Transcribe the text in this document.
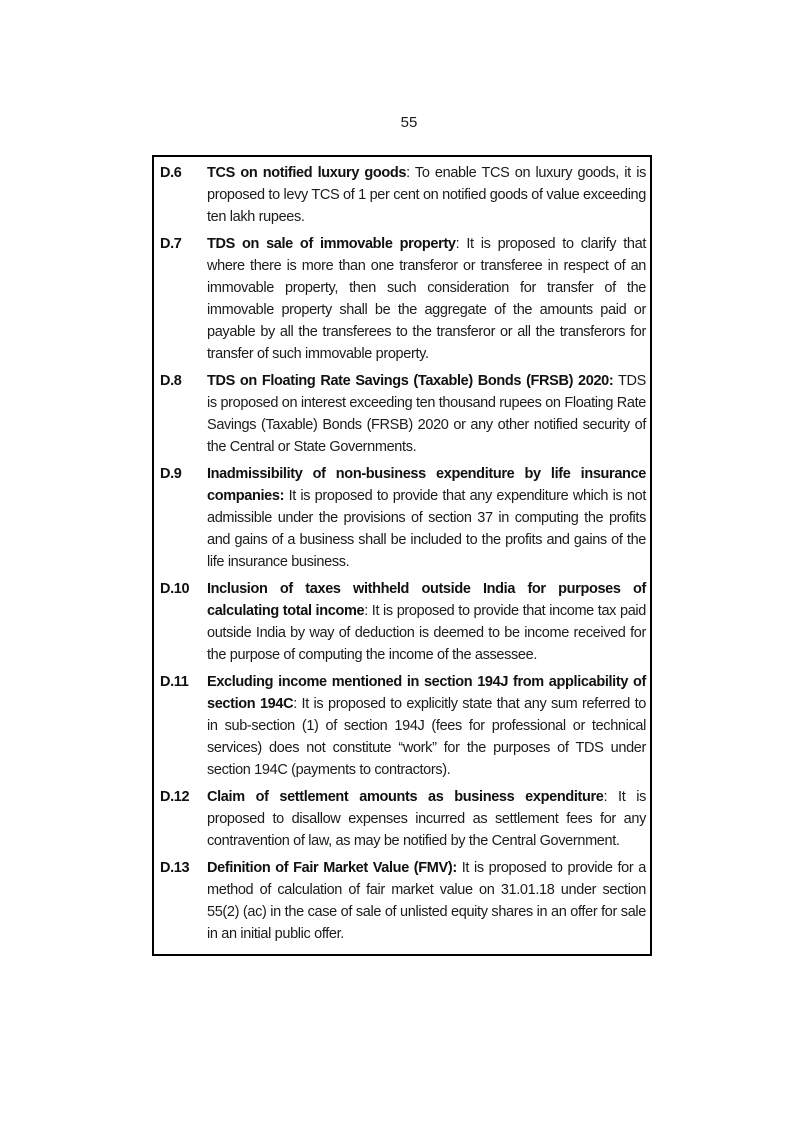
55
D.6	TCS on notified luxury goods: To enable TCS on luxury goods, it is proposed to levy TCS of 1 per cent on notified goods of value exceeding ten lakh rupees.
D.7	TDS on sale of immovable property: It is proposed to clarify that where there is more than one transferor or transferee in respect of an immovable property, then such consideration for transfer of the immovable property shall be the aggregate of the amounts paid or payable by all the transferees to the transferor or all the transferors for transfer of such immovable property.
D.8	TDS on Floating Rate Savings (Taxable) Bonds (FRSB) 2020: TDS is proposed on interest exceeding ten thousand rupees on Floating Rate Savings (Taxable) Bonds (FRSB) 2020 or any other notified security of the Central or State Governments.
D.9	Inadmissibility of non-business expenditure by life insurance companies: It is proposed to provide that any expenditure which is not admissible under the provisions of section 37 in computing the profits and gains of a business shall be included to the profits and gains of the life insurance business.
D.10	Inclusion of taxes withheld outside India for purposes of calculating total income: It is proposed to provide that income tax paid outside India by way of deduction is deemed to be income received for the purpose of computing the income of the assessee.
D.11	Excluding income mentioned in section 194J from applicability of section 194C: It is proposed to explicitly state that any sum referred to in sub-section (1) of section 194J (fees for professional or technical services) does not constitute “work” for the purposes of TDS under section 194C (payments to contractors).
D.12	Claim of settlement amounts as business expenditure: It is proposed to disallow expenses incurred as settlement fees for any contravention of law, as may be notified by the Central Government.
D.13	Definition of Fair Market Value (FMV): It is proposed to provide for a method of calculation of fair market value on 31.01.18 under section 55(2) (ac) in the case of sale of unlisted equity shares in an offer for sale in an initial public offer.
